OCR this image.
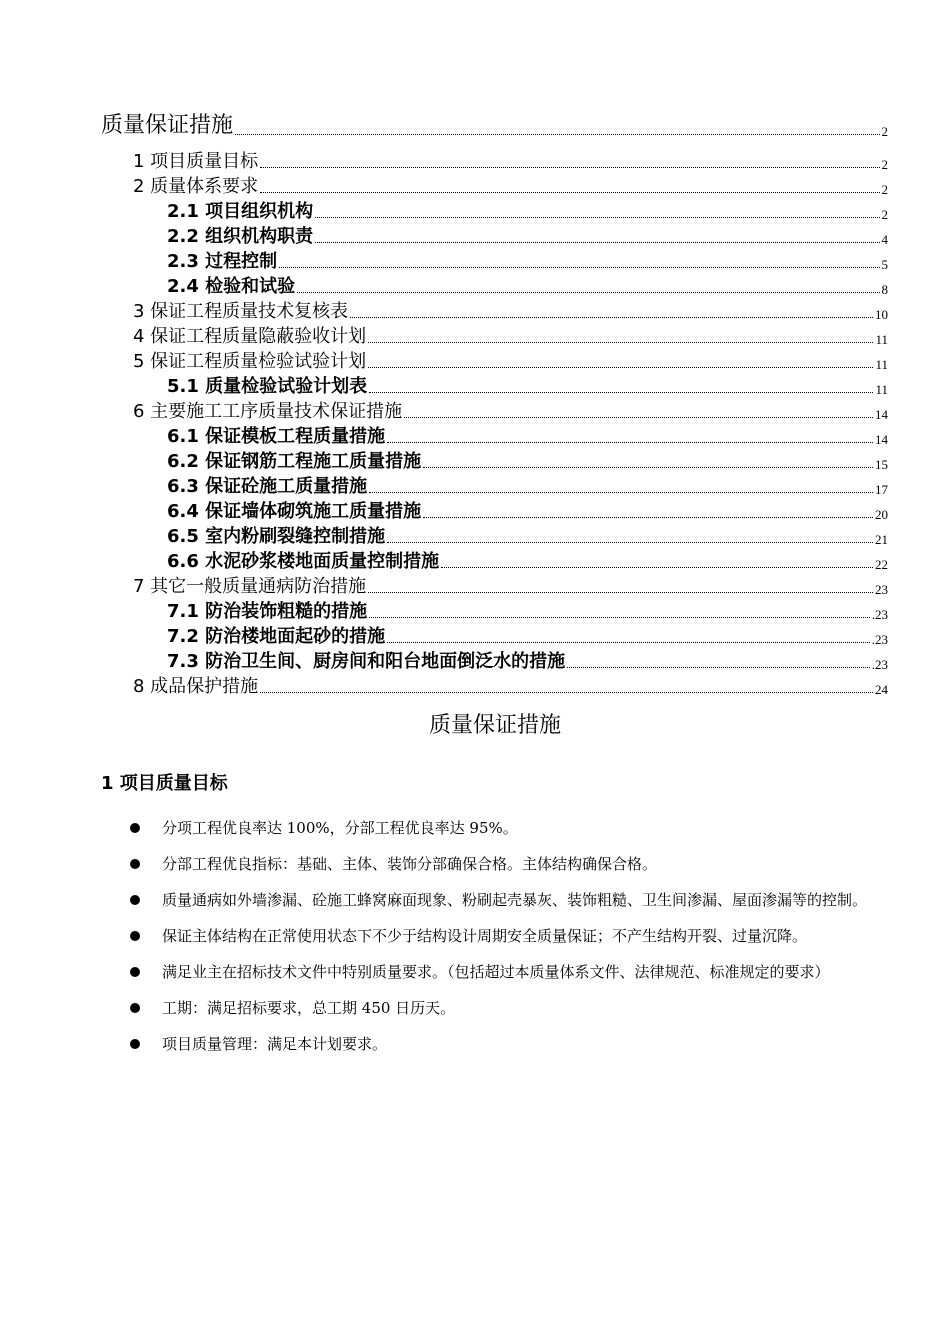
质量保证措施	2
1 项目质量目标	2
2 质量体系要求	2
2.1 项目组织机构	2
2.2 组织机构职责	4
2.3 过程控制	5
2.4 检验和试验	8
3 保证工程质量技术复核表	10
4 保证工程质量隐蔽验收计划	11
5 保证工程质量检验试验计划	11
5.1 质量检验试验计划表	11
6 主要施工工序质量技术保证措施	14
6.1 保证模板工程质量措施	14
6.2 保证钢筋工程施工质量措施	15
6.3 保证砼施工质量措施	17
6.4 保证墙体砌筑施工质量措施	20
6.5 室内粉刷裂缝控制措施	21
6.6 水泥砂浆楼地面质量控制措施	22
7 其它一般质量通病防治措施	23
7.1 防治装饰粗糙的措施	.23
7.2 防治楼地面起砂的措施	.23
7.3 防治卫生间、厨房间和阳台地面倒泛水的措施	.23
8 成品保护措施	24
质量保证措施
1 项目质量目标
分项工程优良率达 100%，分部工程优良率达 95%。
分部工程优良指标：基础、主体、装饰分部确保合格。主体结构确保合格。
质量通病如外墙渗漏、砼施工蜂窝麻面现象、粉刷起壳暴灰、装饰粗糙、卫生间渗漏、屋面渗漏等的控制。
保证主体结构在正常使用状态下不少于结构设计周期安全质量保证；不产生结构开裂、过量沉降。
满足业主在招标技术文件中特别质量要求。（包括超过本质量体系文件、法律规范、标准规定的要求）
工期：满足招标要求，总工期 450 日历天。
项目质量管理：满足本计划要求。
